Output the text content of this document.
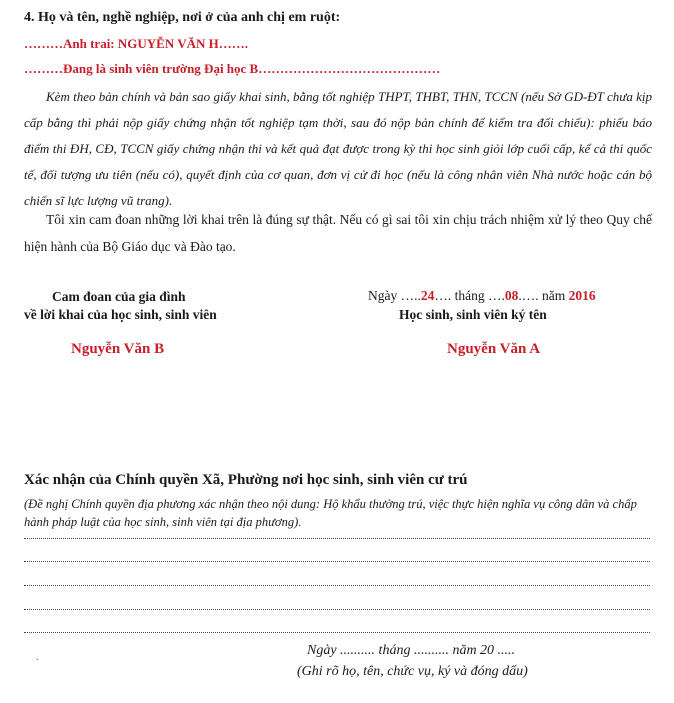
4. Họ và tên, nghề nghiệp, nơi ở của anh chị em ruột:
………Anh trai: NGUYỄN VĂN H…….
………Đang là sinh viên trường Đại học B……………………………………
Kèm theo bản chính và bản sao giấy khai sinh, bằng tốt nghiệp THPT, THBT, THN, TCCN (nếu Sở GD-ĐT chưa kịp cấp bằng thì phải nộp giấy chứng nhận tốt nghiệp tạm thời, sau đó nộp bản chính để kiểm tra đối chiếu): phiếu báo điểm thi ĐH, CĐ, TCCN giấy chứng nhận thi và kết quả đạt được trong kỳ thi học sinh giỏi lớp cuối cấp, kể cả thi quốc tế, đối tượng ưu tiên (nếu có), quyết định của cơ quan, đơn vị cử đi học (nếu là công nhân viên Nhà nước hoặc cán bộ chiến sĩ lực lượng vũ trang).
Tôi xin cam đoan những lời khai trên là đúng sự thật. Nếu có gì sai tôi xin chịu trách nhiệm xử lý theo Quy chế hiện hành của Bộ Giáo dục và Đào tạo.
Cam đoan của gia đình
về lời khai của học sinh, sinh viên
Ngày …..24…. tháng ….08.…. năm 2016
Học sinh, sinh viên ký tên
Nguyễn Văn B	Nguyễn Văn A
Xác nhận của Chính quyền Xã, Phường nơi học sinh, sinh viên cư trú
(Đề nghị Chính quyền địa phương xác nhận theo nội dung: Hộ khẩu thường trú, việc thực hiện nghĩa vụ công dân và chấp hành pháp luật của học sinh, sinh viên tại địa phương).
.	Ngày .......... tháng .......... năm 20 .....
(Ghi rõ họ, tên, chức vụ, ký và đóng dấu)
